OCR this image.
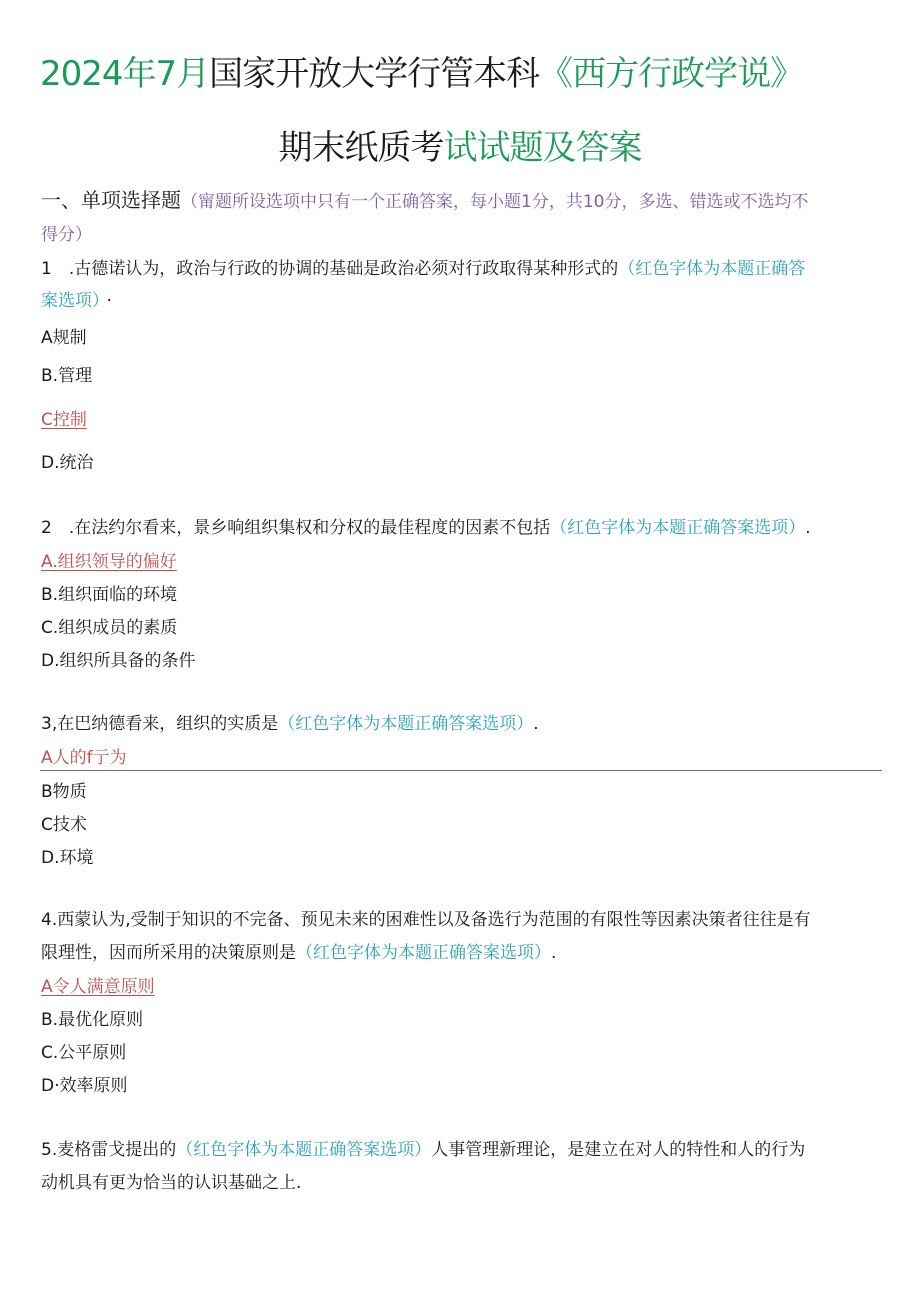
2024年7月国家开放大学行管本科《西方行政学说》
期末纸质考试试题及答案
一、单项选择题（甯题所设选项中只有一个正确答案，每小题1分，共10分，多选、错选或不选均不
得分）
1　.古德诺认为，政治与行政的协调的基础是政治必须对行政取得某种形式的（红色字体为本题正确答
案选项） ·
A规制
B.管理
C控制
D.统治
2　.在法约尔看来，景乡响组织集权和分权的最佳程度的因素不包括（红色字体为本题正确答案选项）.
A.组织领导的偏好
B.组织面临的环境
C.组织成员的素质
D.组织所具备的条件
3,在巴纳德看来，组织的实质是（红色字体为本题正确答案选项）.
A人的f亍为
B物质
C技术
D.环境
4.西蒙认为,受制于知识的不完备、预见未来的困难性以及备选行为范围的有限性等因素决策者往往是有
限理性，因而所采用的决策原则是（红色字体为本题正确答案选项）.
A令人满意原则
B.最优化原则
C.公平原则
D·效率原则
5.麦格雷戈提出的（红色字体为本题正确答案选项）人事管理新理论，是建立在对人的特性和人的行为
动机具有更为恰当的认识基础之上.
